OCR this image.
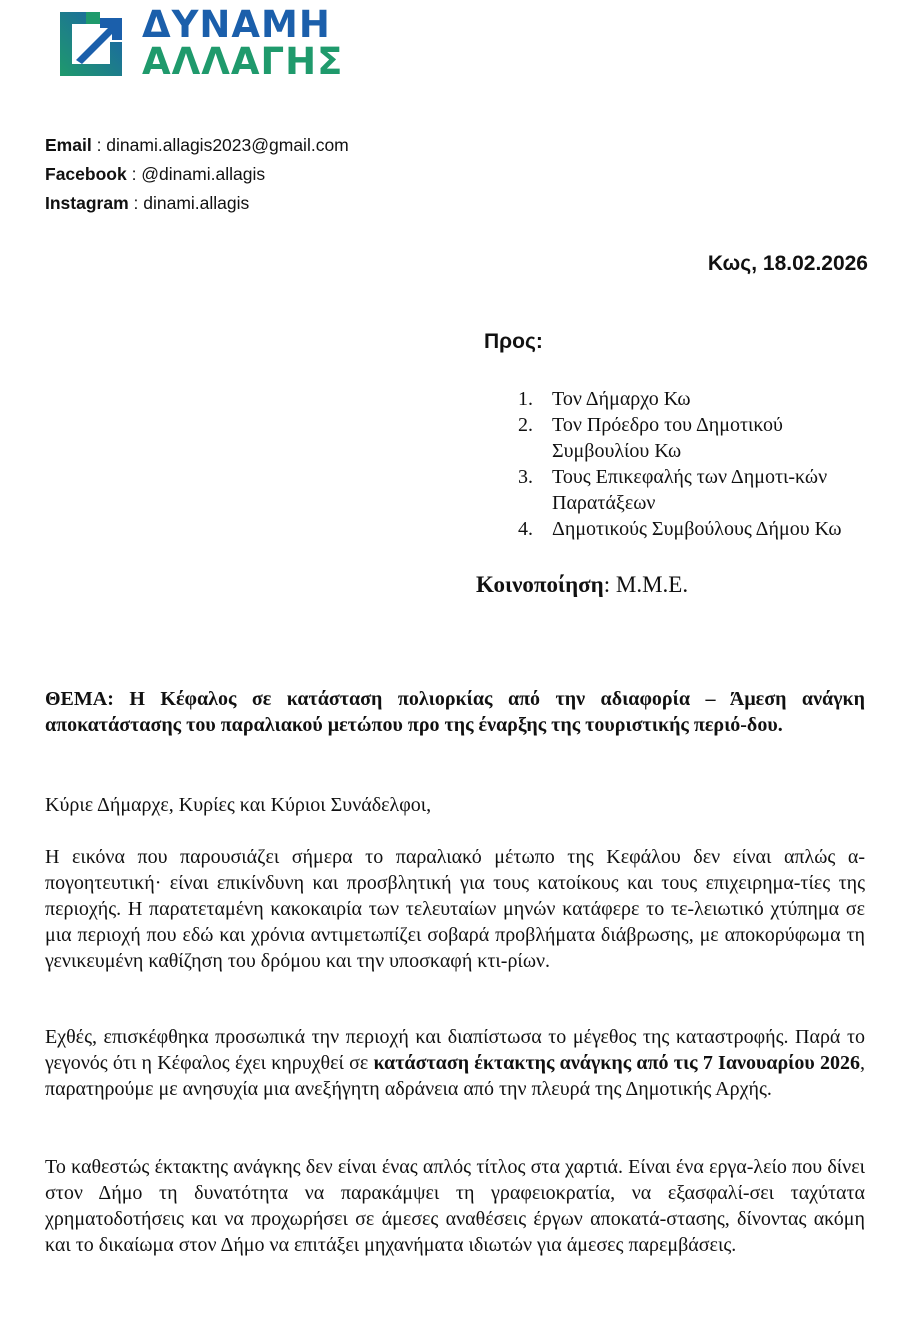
ΔΥΝΑΜΗ
ΑΛΛΑΓΗΣ
Email : dinami.allagis2023@gmail.com
Facebook : @dinami.allagis
Instagram : dinami.allagis
Κως, 18.02.2026
Προς:
1. Τον Δήμαρχο Κω
2. Τον Πρόεδρο του Δημοτικού Συμβουλίου Κω
3. Τους Επικεφαλής των Δημοτι-κών Παρατάξεων
4. Δημοτικούς Συμβούλους Δήμου Κω
Κοινοποίηση: Μ.Μ.Ε.
ΘΕΜΑ: Η Κέφαλος σε κατάσταση πολιορκίας από την αδιαφορία – Άμεση ανάγκη αποκατάστασης του παραλιακού μετώπου προ της έναρξης της τουριστικής περιό-δου.
Κύριε Δήμαρχε, Κυρίες και Κύριοι Συνάδελφοι,
Η εικόνα που παρουσιάζει σήμερα το παραλιακό μέτωπο της Κεφάλου δεν είναι απλώς α-πογοητευτική· είναι επικίνδυνη και προσβλητική για τους κατοίκους και τους επιχειρημα-τίες της περιοχής. Η παρατεταμένη κακοκαιρία των τελευταίων μηνών κατάφερε το τε-λειωτικό χτύπημα σε μια περιοχή που εδώ και χρόνια αντιμετωπίζει σοβαρά προβλήματα διάβρωσης, με αποκορύφωμα τη γενικευμένη καθίζηση του δρόμου και την υποσκαφή κτι-ρίων.
Εχθές, επισκέφθηκα προσωπικά την περιοχή και διαπίστωσα το μέγεθος της καταστροφής. Παρά το γεγονός ότι η Κέφαλος έχει κηρυχθεί σε κατάσταση έκτακτης ανάγκης από τις 7 Ιανουαρίου 2026, παρατηρούμε με ανησυχία μια ανεξήγητη αδράνεια από την πλευρά της Δημοτικής Αρχής.
Το καθεστώς έκτακτης ανάγκης δεν είναι ένας απλός τίτλος στα χαρτιά. Είναι ένα εργα-λείο που δίνει στον Δήμο τη δυνατότητα να παρακάμψει τη γραφειοκρατία, να εξασφαλί-σει ταχύτατα χρηματοδοτήσεις και να προχωρήσει σε άμεσες αναθέσεις έργων αποκατά-στασης, δίνοντας ακόμη και το δικαίωμα στον Δήμο να επιτάξει μηχανήματα ιδιωτών για άμεσες παρεμβάσεις.
